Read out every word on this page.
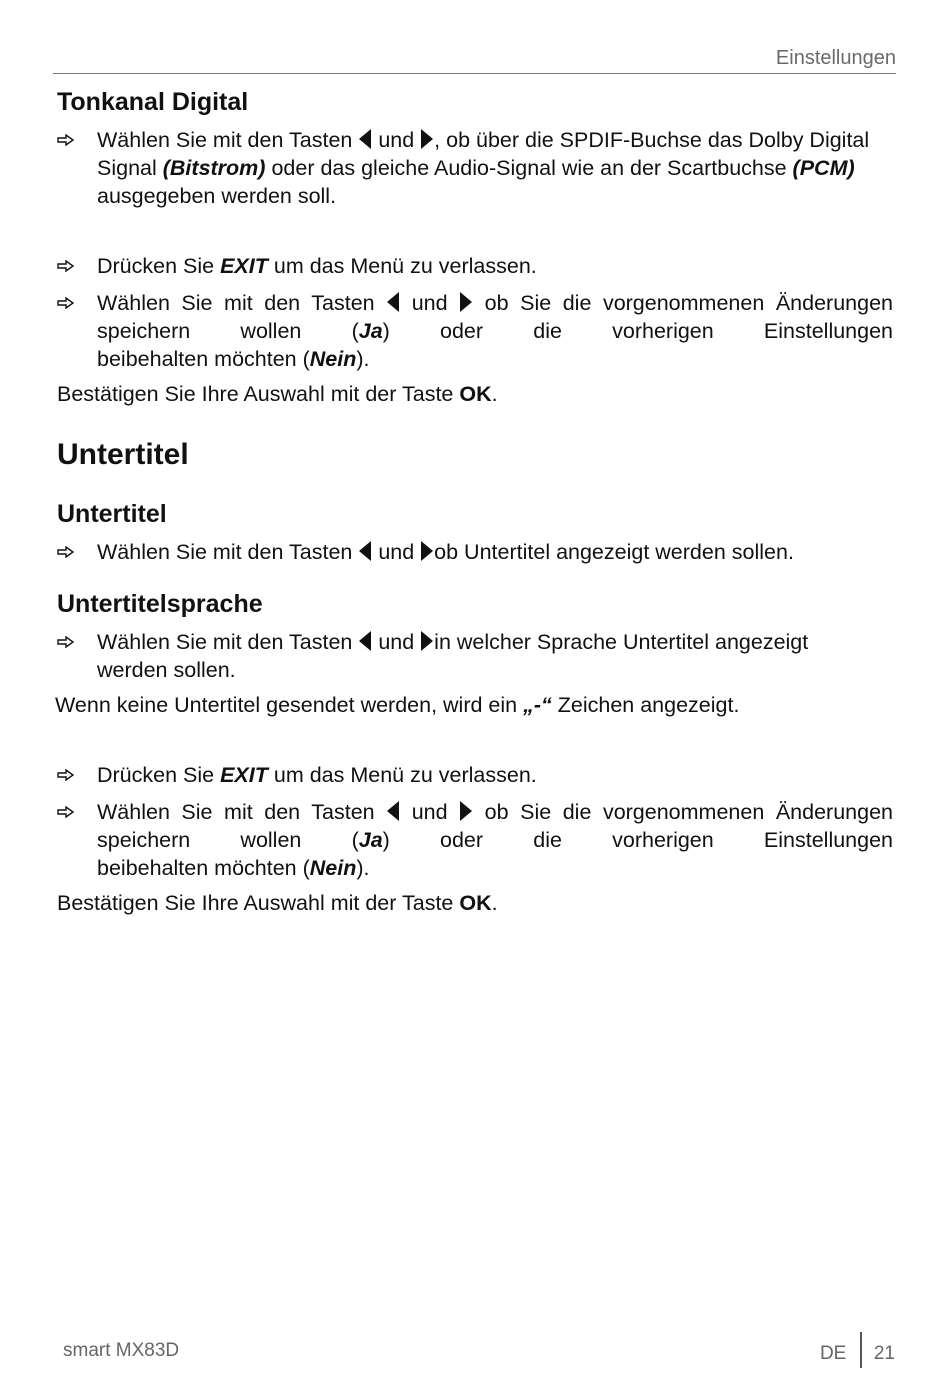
Einstellungen
Tonkanal Digital
Wählen Sie mit den Tasten  und , ob über die SPDIF-Buchse das Dolby Digital Signal (Bitstrom) oder das gleiche Audio-Signal wie an der Scartbuchse (PCM) ausgegeben werden soll.
Drücken Sie EXIT um das Menü zu verlassen.
Wählen Sie mit den Tasten  und  ob Sie die vorgenommenen Änderungen speichern wollen (Ja) oder die vorherigen Einstellungen
beibehalten möchten (Nein).
Bestätigen Sie Ihre Auswahl mit der Taste OK.
Untertitel
Untertitel
Wählen Sie mit den Tasten  und ob Untertitel angezeigt werden sollen.
Untertitelsprache
Wählen Sie mit den Tasten  und in welcher Sprache Untertitel angezeigt werden sollen.
Wenn keine Untertitel gesendet werden, wird ein „-“ Zeichen angezeigt.
Drücken Sie EXIT um das Menü zu verlassen.
Wählen Sie mit den Tasten  und  ob Sie die vorgenommenen Änderungen speichern wollen (Ja) oder die vorherigen Einstellungen
beibehalten möchten (Nein).
Bestätigen Sie Ihre Auswahl mit der Taste OK.
smart MX83D	DE 21
